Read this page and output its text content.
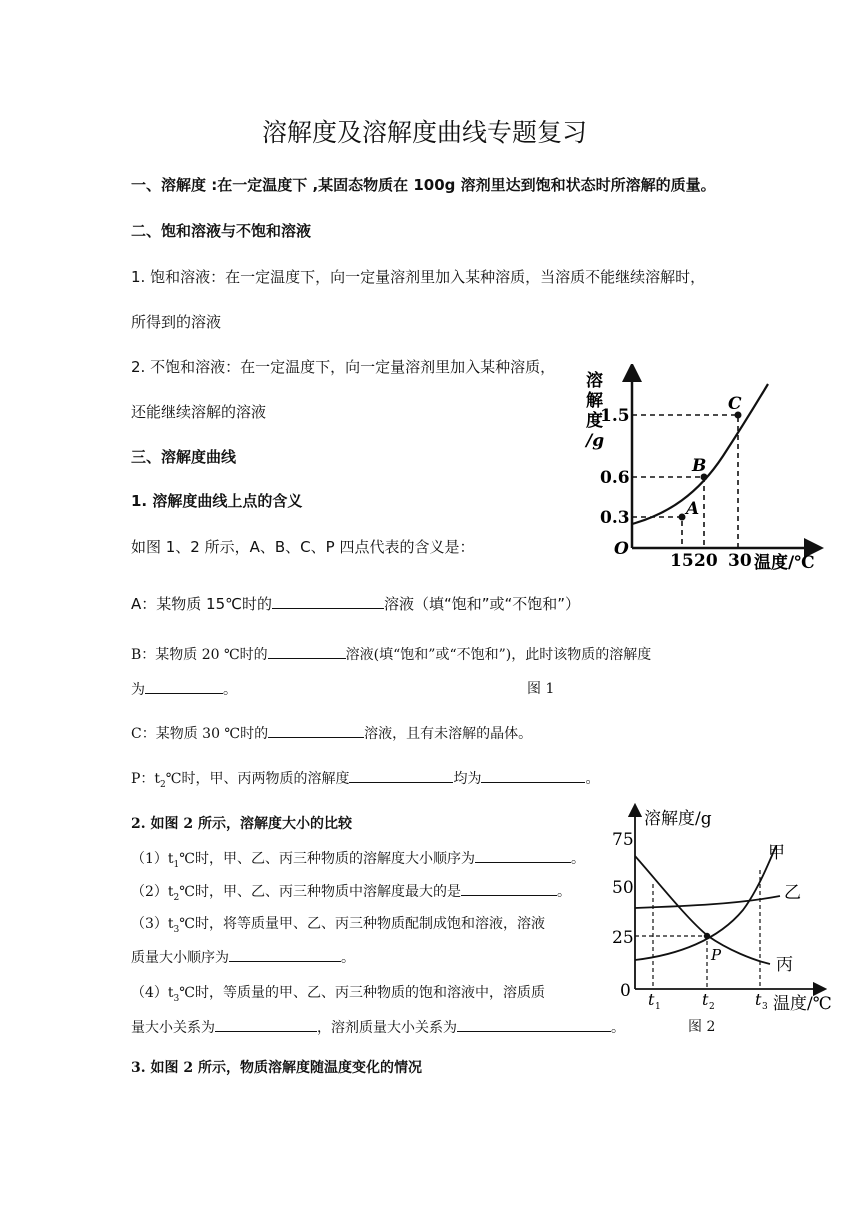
溶解度及溶解度曲线专题复习
一、溶解度 :在一定温度下 ,某固态物质在 100g 溶剂里达到饱和状态时所溶解的质量。
二、饱和溶液与不饱和溶液
1. 饱和溶液：在一定温度下，向一定量溶剂里加入某种溶质，当溶质不能继续溶解时，
所得到的溶液
2. 不饱和溶液：在一定温度下，向一定量溶剂里加入某种溶质，
还能继续溶解的溶液
三、溶解度曲线
1. 溶解度曲线上点的含义
如图 1、2 所示，A、B、C、P 四点代表的含义是：
A：某物质 15℃时的	溶液（填“饱和”或“不饱和”）
B：某物质 20 ℃时的	溶液(填“饱和”或“不饱和”)，此时该物质的溶解度
为	。	图 1
C：某物质 30 ℃时的	溶液，且有未溶解的晶体。
P：$t_2℃$时，甲、丙两物质的溶解度	均为	。
2. 如图 2 所示，溶解度大小的比较
$(1)t_1℃$时，甲、乙、丙三种物质的溶解度大小顺序为	。
$(2)t_2℃$时，甲、乙、丙三种物质中溶解度最大的是	。
$(3)t_3℃$时，将等质量甲、乙、丙三种物质配制成饱和溶液，溶液
质量大小顺序为	。
$(4)t_3℃$时，等质量的甲、乙、丙三种物质的饱和溶液中，溶质质
量大小关系为	，溶剂质量大小关系为	。	图 2
3. 如图 2 所示，物质溶解度随温度变化的情况
溶
解
度
/g
1.5
0.6
0.3	A
B
C
O
15 20 30 温度/℃
溶解度/g
75
50
25
0
P
甲
乙
丙
t 1	t 2	t 3 温度/℃
